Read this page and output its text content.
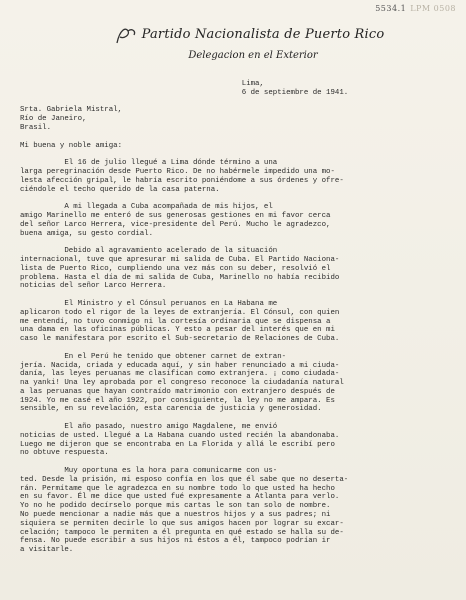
5534.1 LPM 0508
Partido Nacionalista de Puerto Rico
Delegacion en el Exterior
Lima,
6 de septiembre de 1941.
Srta. Gabriela Mistral,
Río de Janeiro,
Brasil.
Mi buena y noble amiga:
El 16 de julio llegué a Lima dónde término a una
larga peregrinación desde Puerto Rico. De no habérmele impedido una mo-
lesta afección gripal, le habría escrito poniéndome a sus órdenes y ofre-
ciéndole el techo querido de la casa paterna.
A mi llegada a Cuba acompañada de mis hijos, el
amigo Marinello me enteró de sus generosas gestiones en mi favor cerca
del señor Larco Herrera, vice-presidente del Perú. Mucho le agradezco,
buena amiga, su gesto cordial.
Debido al agravamiento acelerado de la situación
internacional, tuve que apresurar mi salida de Cuba. El Partido Naciona-
lista de Puerto Rico, cumpliendo una vez más con su deber, resolvió el
problema. Hasta el día de mi salida de Cuba, Marinello no había recibido
noticias del señor Larco Herrera.
El Ministro y el Cónsul peruanos en La Habana me
aplicaron todo el rigor de la leyes de extranjería. El Cónsul, con quien
me entendí, no tuvo conmigo ni la cortesía ordinaria que se dispensa a
una dama en las oficinas públicas. Y esto a pesar del interés que en mi
caso le manifestara por escrito el Sub-secretario de Relaciones de Cuba.
En el Perú he tenido que obtener carnet de extran-
jería. Nacida, criada y educada aquí, y sin haber renunciado a mi ciuda-
danía, las leyes peruanas me clasifican como extranjera. ¡ como ciudada-
na yanki! Una ley aprobada por el congreso reconoce la ciudadanía natural
a las peruanas que hayan contraído matrimonio con extranjero después de
1924. Yo me casé el año 1922, por consiguiente, la ley no me ampara. Es
sensible, en su revelación, esta carencia de justicia y generosidad.
El año pasado, nuestro amigo Magdalene, me envió
noticias de usted. Llegué a La Habana cuando usted recién la abandonaba.
Luego me dijeron que se encontraba en La Florida y allá le escribí pero
no obtuve respuesta.
Muy oportuna es la hora para comunicarme con us-
ted. Desde la prisión, mi esposo confía en los que él sabe que no deserta-
rán. Permítame que le agradezca en su nombre todo lo que usted ha hecho
en su favor. Él me dice que usted fué expresamente a Atlanta para verlo.
Yo no he podido decírselo porque mis cartas le son tan solo de nombre.
No puede mencionar a nadie más que a nuestros hijos y a sus padres; ni
siquiera se permiten decirle lo que sus amigos hacen por lograr su excar-
celación; tampoco le permiten a él pregunta en qué estado se halla su de-
fensa. No puede escribir a sus hijos ni éstos a él, tampoco podrían ir
a visitarle.
